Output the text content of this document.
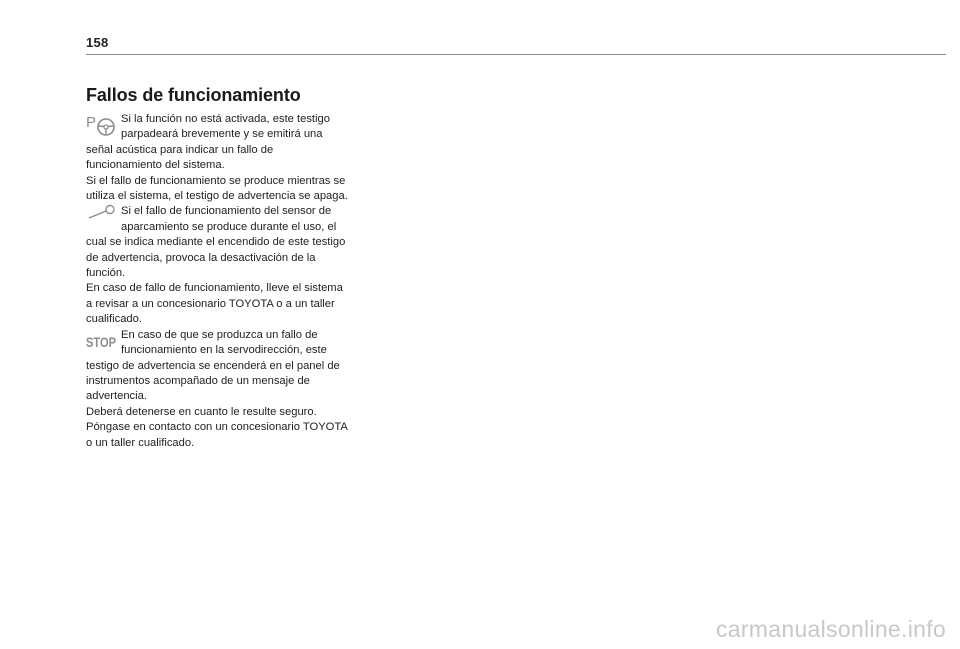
158
Fallos de funcionamiento
P	Si la función no está activada, este testigo parpadeará brevemente y se emitirá una señal acústica para indicar un fallo de funcionamiento del sistema.

Si el fallo de funcionamiento se produce mientras se utiliza el sistema, el testigo de advertencia se apaga.

Si el fallo de funcionamiento del sensor de aparcamiento se produce durante el uso, el cual se indica mediante el encendido de este testigo de advertencia, provoca la desactivación de la función.

En caso de fallo de funcionamiento, lleve el sistema a revisar a un concesionario TOYOTA o a un taller cualificado.

STOP En caso de que se produzca un fallo de funcionamiento en la servodirección, este testigo de advertencia se encenderá en el panel de instrumentos acompañado de un mensaje de advertencia.

Deberá detenerse en cuanto le resulte seguro.

Póngase en contacto con un concesionario TOYOTA o un taller cualificado.

carmanualsonline.info
